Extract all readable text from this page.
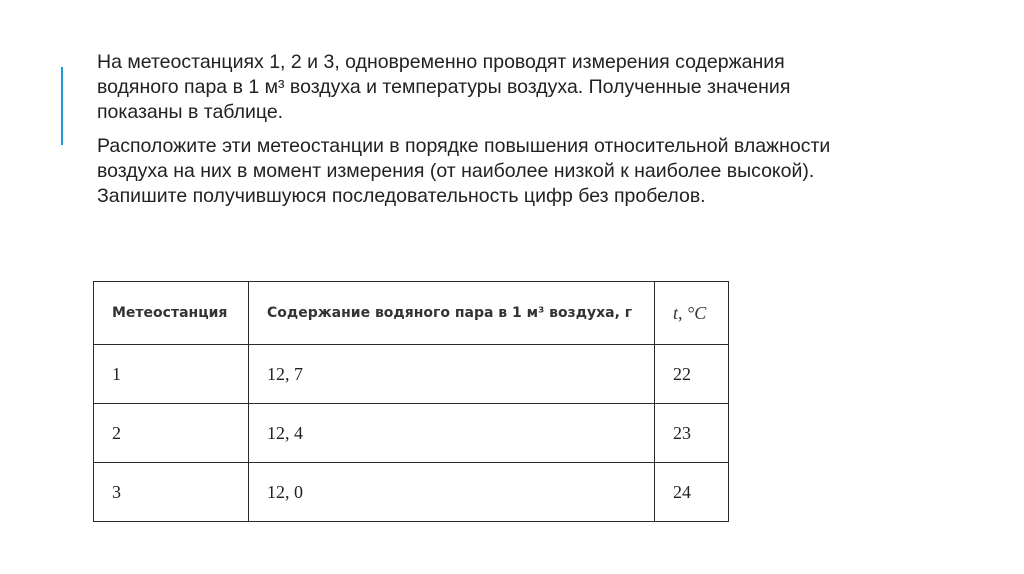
На метеостанциях 1, 2 и 3, одновременно проводят измерения содержания водяного пара в 1 м³ воздуха и температуры воздуха. Полученные значения показаны в таблице.

Расположите эти метеостанции в порядке повышения относительной влажности воздуха на них в момент измерения (от наиболее низкой к наиболее высокой). Запишите получившуюся последовательность цифр без пробелов.

Метеостанция	Содержание водяного пара в 1 м³ воздуха, г	t, °C
1	12, 7	22
2	12, 4	23
3	12, 0	24
